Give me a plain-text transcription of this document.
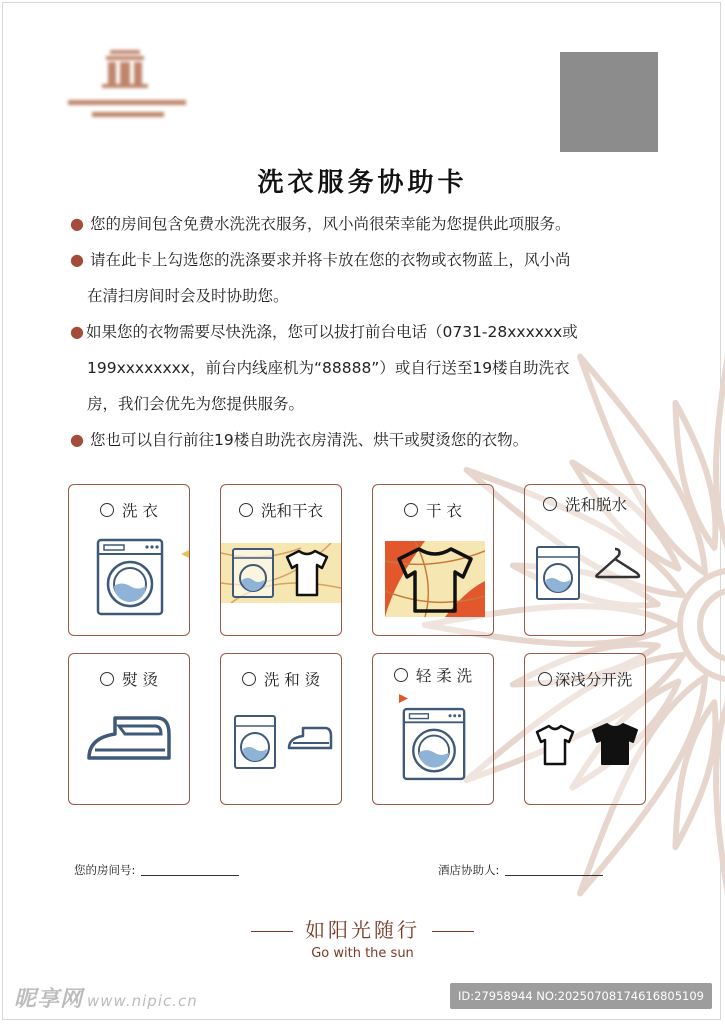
洗衣服务协助卡

● 您的房间包含免费水洗洗衣服务，风小尚很荣幸能为您提供此项服务。

● 请在此卡上勾选您的洗涤要求并将卡放在您的衣物或衣物蓝上，风小尚

在清扫房间时会及时协助您。

● 如果您的衣物需要尽快洗涤，您可以拔打前台电话（0731-28xxxxxx或

199xxxxxxxx，前台内线座机为“88888”）或自行送至19楼自助洗衣

房，我们会优先为您提供服务。

● 您也可以自行前往19楼自助洗衣房清洗、烘干或熨烫您的衣物。

洗 衣	洗和干衣	干 衣	洗和脱水
熨 烫	洗 和 烫	轻 柔 洗	深浅分开洗
您的房间号:	酒店协助人:
如阳光随行
Go with the sun
昵享网 www.nipic.cn	ID:27958944 NO:20250708174616805109
